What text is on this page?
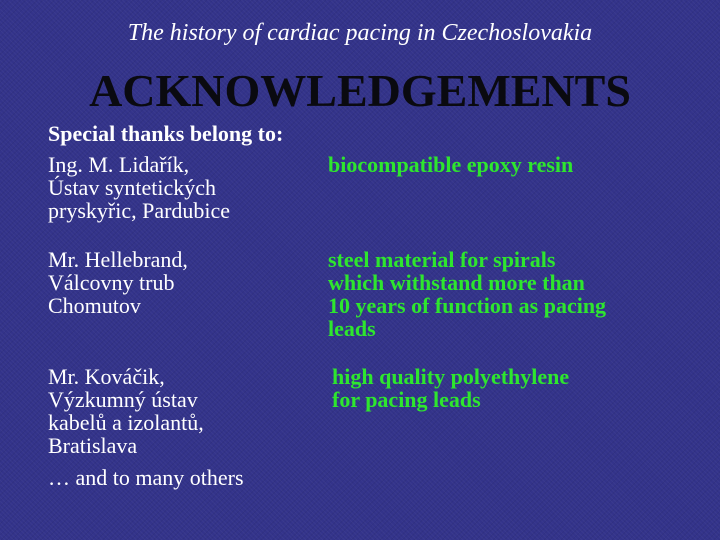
The history of cardiac pacing in Czechoslovakia
ACKNOWLEDGEMENTS
Special thanks belong to:
Ing. M. Lidařík,
Ústav syntetických
pryskyřic, Pardubice
biocompatible epoxy resin
Mr. Hellebrand,
Válcovny trub
Chomutov
steel material for spirals
which withstand more than
10 years of function as pacing
leads
Mr. Kováčik,
Výzkumný ústav
kabelů a izolantů,
Bratislava
high quality polyethylene
for pacing leads
… and to many others
